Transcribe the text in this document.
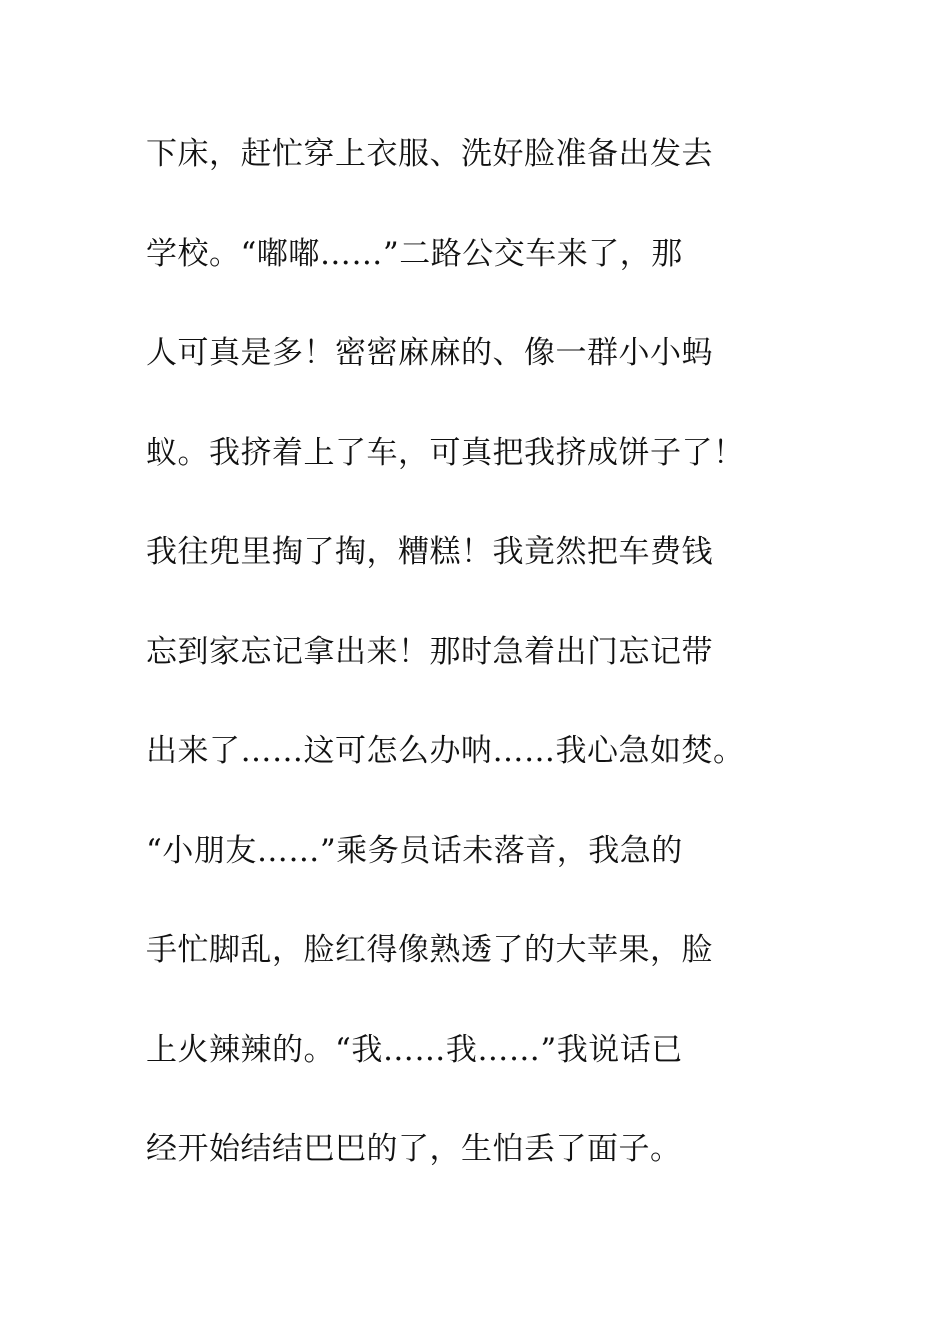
下床，赶忙穿上衣服、洗好脸准备出发去
学校。“嘟嘟……”二路公交车来了，那
人可真是多！密密麻麻的、像一群小小蚂
蚁。我挤着上了车，可真把我挤成饼子了！
我往兜里掏了掏，糟糕！我竟然把车费钱
忘到家忘记拿出来！那时急着出门忘记带
出来了……这可怎么办呐……我心急如焚。
“小朋友……”乘务员话未落音，我急的
手忙脚乱，脸红得像熟透了的大苹果，脸
上火辣辣的。“我……我……”我说话已
经开始结结巴巴的了，生怕丢了面子。
